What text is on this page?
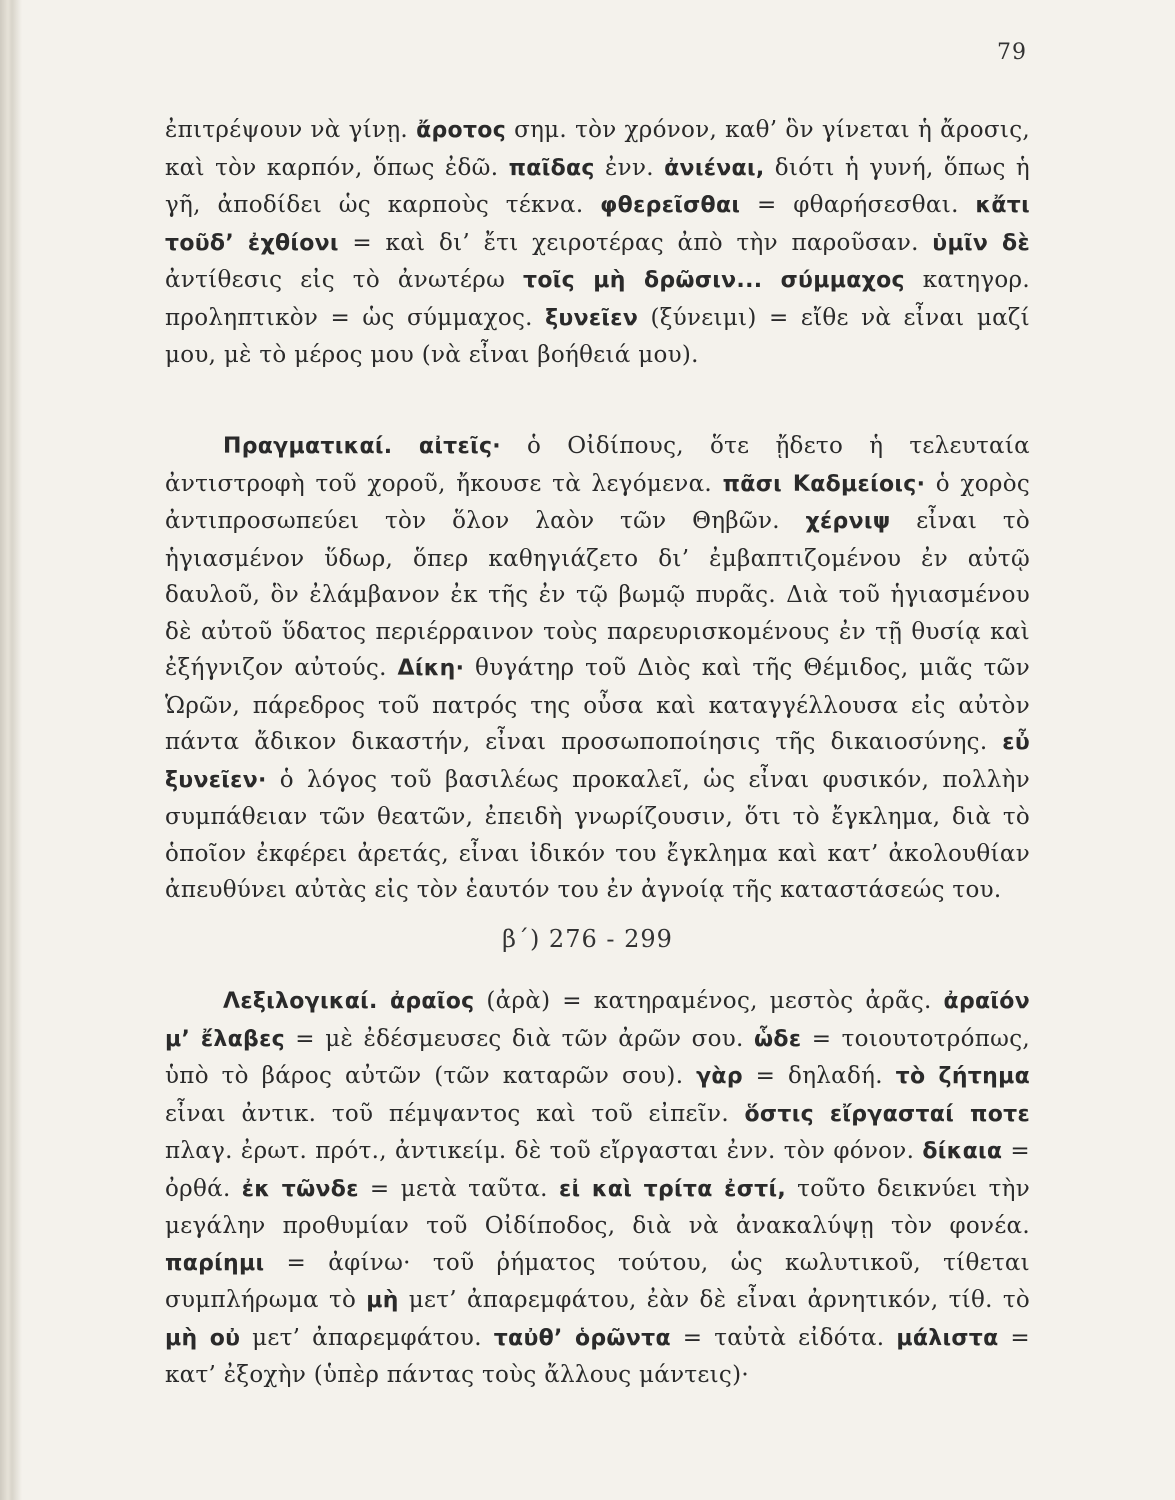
79

ἐπιτρέψουν νὰ γίνῃ. ἄροτος σημ. τὸν χρόνον, καθ’ ὃν γίνεται ἡ ἄροσις, καὶ τὸν καρπόν, ὅπως ἐδῶ. παῖδας ἐνν. ἀνιέναι, διότι ἡ γυνή, ὅπως ἡ γῆ, ἀποδίδει ὡς καρποὺς τέκνα. φθερεῖσθαι = φθαρήσεσθαι. κἄτι τοῦδ’ ἐχθίονι = καὶ δι’ ἔτι χειροτέρας ἀπὸ τὴν παροῦσαν. ὑμῖν δὲ ἀντίθεσις εἰς τὸ ἀνωτέρω τοῖς μὴ δρῶσιν... σύμμαχος κατηγορ. προληπτικὸν = ὡς σύμμαχος. ξυνεῖεν (ξύνειμι) = εἴθε νὰ εἶναι μαζί μου, μὲ τὸ μέρος μου (νὰ εἶναι βοήθειά μου).

Πραγματικαί. αἰτεῖς· ὁ Οἰδίπους, ὅτε ᾔδετο ἡ τελευταία ἀντιστροφὴ τοῦ χοροῦ, ἤκουσε τὰ λεγόμενα. πᾶσι Καδμείοις· ὁ χορὸς ἀντιπροσωπεύει τὸν ὅλον λαὸν τῶν Θηβῶν. χέρνιψ εἶναι τὸ ἡγιασμένον ὕδωρ, ὅπερ καθηγιάζετο δι’ ἐμβαπτιζομένου ἐν αὐτῷ δαυλοῦ, ὃν ἐλάμβανον ἐκ τῆς ἐν τῷ βωμῷ πυρᾶς. Διὰ τοῦ ἡγιασμένου δὲ αὐτοῦ ὕδατος περιέρραινον τοὺς παρευρισκομένους ἐν τῇ θυσίᾳ καὶ ἐξήγνιζον αὐτούς. Δίκη· θυγάτηρ τοῦ Διὸς καὶ τῆς Θέμιδος, μιᾶς τῶν Ὡρῶν, πάρεδρος τοῦ πατρός της οὖσα καὶ καταγγέλλουσα εἰς αὐτὸν πάντα ἄδικον δικαστήν, εἶναι προσωποποίησις τῆς δικαιοσύνης. εὖ ξυνεῖεν· ὁ λόγος τοῦ βασιλέως προκαλεῖ, ὡς εἶναι φυσικόν, πολλὴν συμπάθειαν τῶν θεατῶν, ἐπειδὴ γνωρίζουσιν, ὅτι τὸ ἔγκλημα, διὰ τὸ ὁποῖον ἐκφέρει ἀρετάς, εἶναι ἰδικόν του ἔγκλημα καὶ κατ’ ἀκολουθίαν ἀπευθύνει αὐτὰς εἰς τὸν ἑαυτόν του ἐν ἀγνοίᾳ τῆς καταστάσεώς του.

β΄) 276 - 299

Λεξιλογικαί. ἀραῖος (ἀρὰ) = κατηραμένος, μεστὸς ἀρᾶς. ἀραῖόν μ’ ἔλαβες = μὲ ἐδέσμευσες διὰ τῶν ἀρῶν σου. ὧδε = τοιουτοτρόπως, ὑπὸ τὸ βάρος αὐτῶν (τῶν καταρῶν σου). γὰρ = δηλαδή. τὸ ζήτημα εἶναι ἀντικ. τοῦ πέμψαντος καὶ τοῦ εἰπεῖν. ὅστις εἴργασταί ποτε πλαγ. ἐρωτ. πρότ., ἀντικείμ. δὲ τοῦ εἴργασται ἐνν. τὸν φόνον. δίκαια = ὀρθά. ἐκ τῶνδε = μετὰ ταῦτα. εἰ καὶ τρίτα ἐστί, τοῦτο δεικνύει τὴν μεγάλην προθυμίαν τοῦ Οἰδίποδος, διὰ νὰ ἀνακαλύψῃ τὸν φονέα. παρίημι = ἀφίνω· τοῦ ῥήματος τούτου, ὡς κωλυτικοῦ, τίθεται συμπλήρωμα τὸ μὴ μετ’ ἀπαρεμφάτου, ἐὰν δὲ εἶναι ἀρνητικόν, τίθ. τὸ μὴ οὐ μετ’ ἀπαρεμφάτου. ταὐθ’ ὁρῶντα = ταὐτὰ εἰδότα. μάλιστα = κατ’ ἐξοχὴν (ὑπὲρ πάντας τοὺς ἄλλους μάντεις)·
